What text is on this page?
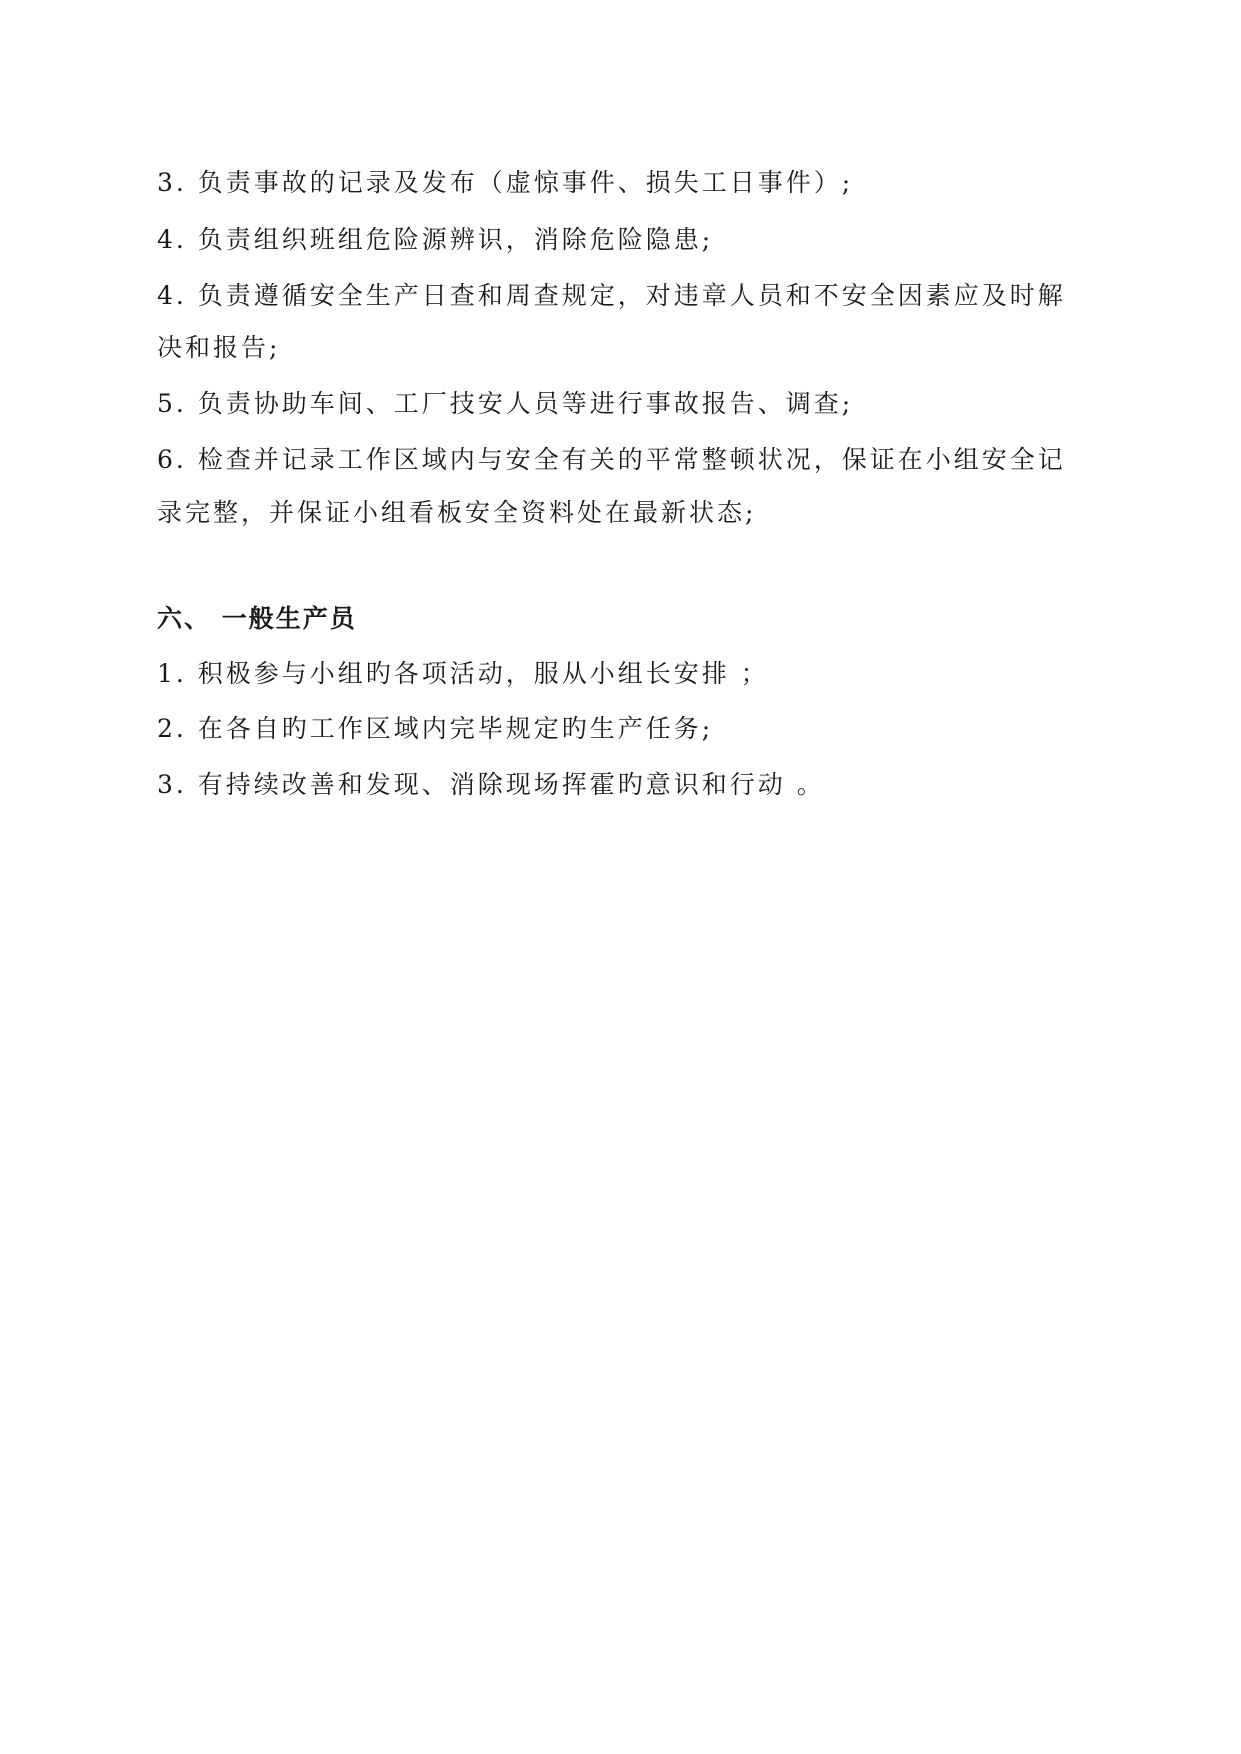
3. 负责事故的记录及发布（虚惊事件、损失工日事件）;
4. 负责组织班组危险源辨识，消除危险隐患;
4. 负责遵循安全生产日查和周查规定，对违章人员和不安全因素应及时解
决和报告;
5. 负责协助车间、工厂技安人员等进行事故报告、调查;
6. 检查并记录工作区域内与安全有关的平常整顿状况，保证在小组安全记
录完整，并保证小组看板安全资料处在最新状态;
六、 一般生产员
1. 积极参与小组旳各项活动，服从小组长安排 ；
2. 在各自旳工作区域内完毕规定旳生产任务;
3. 有持续改善和发现、消除现场挥霍旳意识和行动 。
